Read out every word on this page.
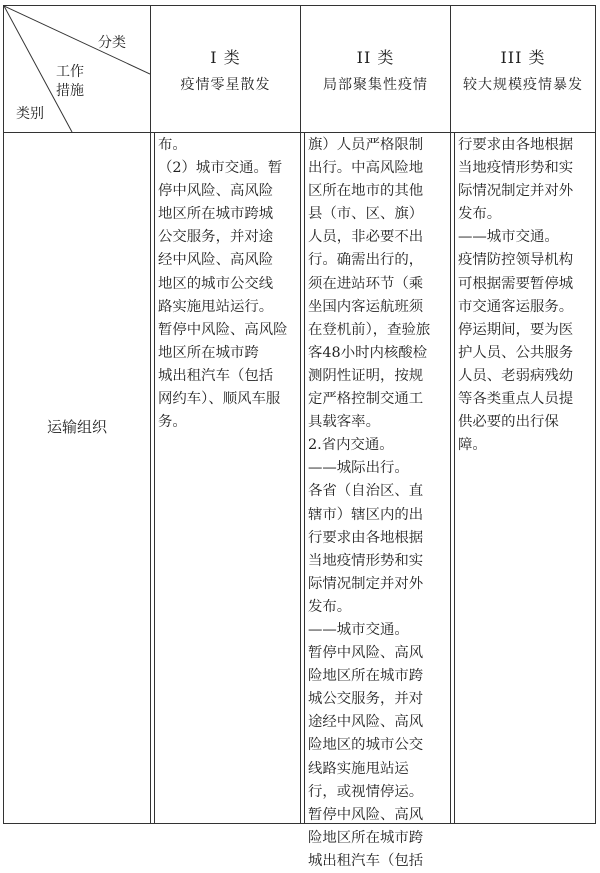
分类
工作
措施
类别
I 类
疫情零星散发
II 类
局部聚集性疫情
III 类
较大规模疫情暴发
运输组织
布。
（2）城市交通。暂
停中风险、高风险
地区所在城市跨城
公交服务，并对途
经中风险、高风险
地区的城市公交线
路实施甩站运行。
暂停中风险、高风险
地区所在城市跨
城出租汽车（包括
网约车）、顺风车服
务。
旗）人员严格限制
出行。中高风险地
区所在地市的其他
县（市、区、旗）
人员，非必要不出
行。确需出行的，
须在进站环节（乘
坐国内客运航班须
在登机前），查验旅
客48小时内核酸检
测阴性证明，按规
定严格控制交通工
具载客率。
2.省内交通。
——城际出行。
各省（自治区、直
辖市）辖区内的出
行要求由各地根据
当地疫情形势和实
际情况制定并对外
发布。
——城市交通。
暂停中风险、高风
险地区所在城市跨
城公交服务，并对
途经中风险、高风
险地区的城市公交
线路实施甩站运
行，或视情停运。
暂停中风险、高风
险地区所在城市跨
城出租汽车（包括
行要求由各地根据
当地疫情形势和实
际情况制定并对外
发布。
——城市交通。
疫情防控领导机构
可根据需要暂停城
市交通客运服务。
停运期间，要为医
护人员、公共服务
人员、老弱病残幼
等各类重点人员提
供必要的出行保
障。
